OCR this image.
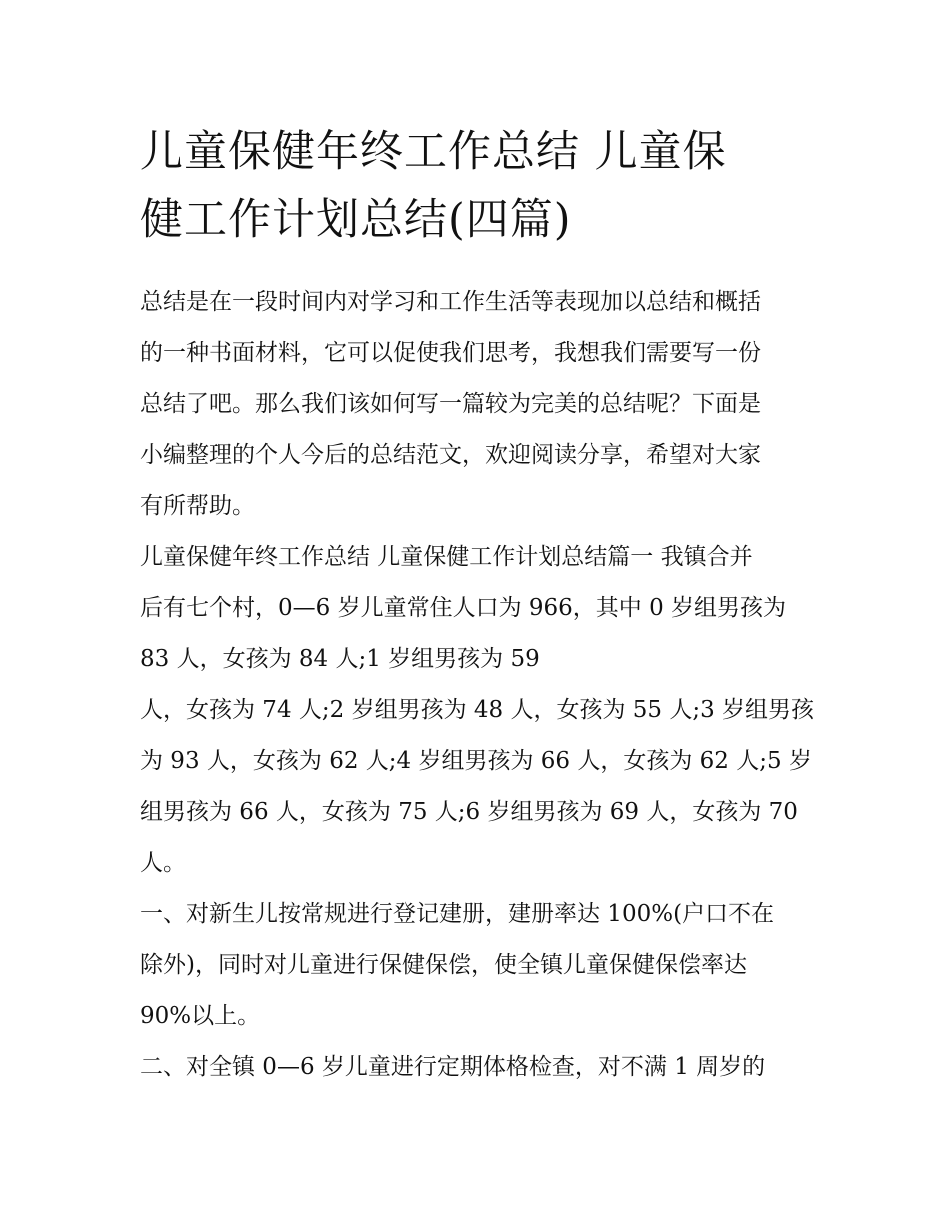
儿童保健年终工作总结 儿童保
健工作计划总结(四篇)
总结是在一段时间内对学习和工作生活等表现加以总结和概括
的一种书面材料，它可以促使我们思考，我想我们需要写一份
总结了吧。那么我们该如何写一篇较为完美的总结呢？下面是
小编整理的个人今后的总结范文，欢迎阅读分享，希望对大家
有所帮助。
儿童保健年终工作总结 儿童保健工作计划总结篇一 我镇合并
后有七个村，0—6 岁儿童常住人口为 966，其中 0 岁组男孩为
83 人，女孩为 84 人;1 岁组男孩为 59
人，女孩为 74 人;2 岁组男孩为 48 人，女孩为 55 人;3 岁组男孩
为 93 人，女孩为 62 人;4 岁组男孩为 66 人，女孩为 62 人;5 岁
组男孩为 66 人，女孩为 75 人;6 岁组男孩为 69 人，女孩为 70
人。
一、对新生儿按常规进行登记建册，建册率达 100%(户口不在
除外)，同时对儿童进行保健保偿，使全镇儿童保健保偿率达
90%以上。
二、对全镇 0—6 岁儿童进行定期体格检查，对不满 1 周岁的
